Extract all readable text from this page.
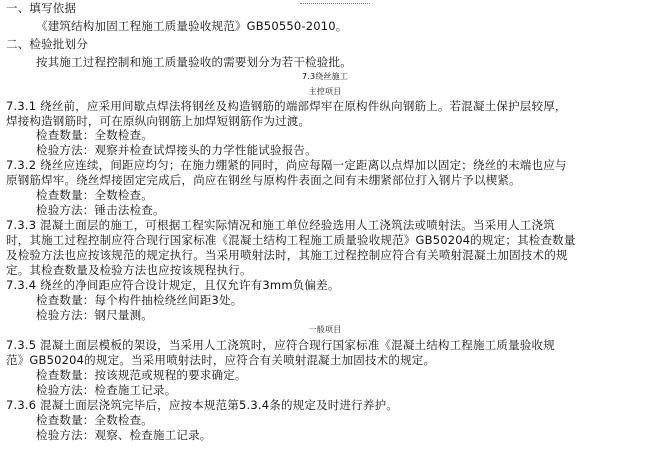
一、填写依据
《建筑结构加固工程施工质量验收规范》GB50550-2010。
二、检验批划分
按其施工过程控制和施工质量验收的需要划分为若干检验批。
7.3绕丝施工
主控项目
7.3.1 绕丝前，应采用间歇点焊法将钢丝及构造钢筋的端部焊牢在原构件纵向钢筋上。若混凝土保护层较厚，
焊接构造钢筋时，可在原纵向钢筋上加焊短钢筋作为过渡。
检查数量：全数检查。
检验方法：观察并检查试焊接头的力学性能试验报告。
7.3.2 绕丝应连续，间距应均匀；在施力绷紧的同时，尚应每隔一定距离以点焊加以固定；绕丝的末端也应与
原钢筋焊牢。绕丝焊接固定完成后，尚应在钢丝与原构件表面之间有未绷紧部位打入钢片予以楔紧。
检查数量：全数检查。
检验方法：锤击法检查。
7.3.3 混凝土面层的施工，可根据工程实际情况和施工单位经验选用人工浇筑法或喷射法。当采用人工浇筑
时，其施工过程控制应符合现行国家标准《混凝土结构工程施工质量验收规范》GB50204的规定；其检查数量
及检验方法也应按该规范的规定执行。当采用喷射法时，其施工过程控制应符合有关喷射混凝土加固技术的规
定。其检查数量及检验方法也应按该规程执行。
7.3.4 绕丝的净间距应符合设计规定，且仅允许有3mm负偏差。
检查数量：每个构件抽检绕丝间距3处。
检验方法：钢尺量测。
一般项目
7.3.5 混凝土面层模板的架设，当采用人工浇筑时，应符合现行国家标准《混凝土结构工程施工质量验收规
范》GB50204的规定。当采用喷射法时，应符合有关喷射混凝土加固技术的规定。
检查数量：按该规范或规程的要求确定。
检验方法：检查施工记录。
7.3.6 混凝土面层浇筑完毕后，应按本规范第5.3.4条的规定及时进行养护。
检查数量：全数检查。
检验方法：观察、检查施工记录。
